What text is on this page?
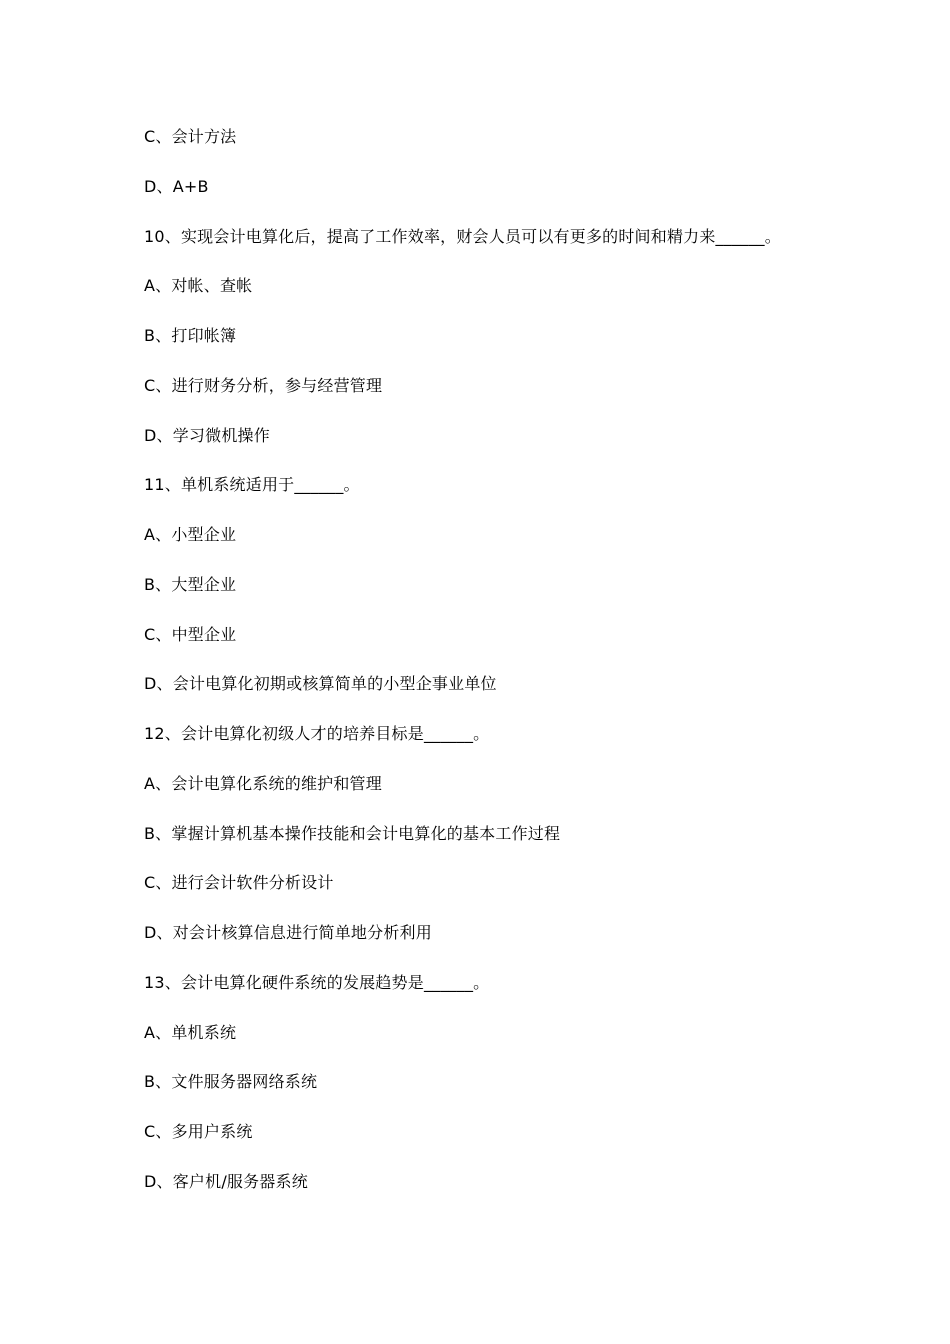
C、会计方法
D、A+B
10、实现会计电算化后，提高了工作效率，财会人员可以有更多的时间和精力来______。
A、对帐、查帐
B、打印帐簿
C、进行财务分析，参与经营管理
D、学习微机操作
11、单机系统适用于______。
A、小型企业
B、大型企业
C、中型企业
D、会计电算化初期或核算简单的小型企事业单位
12、会计电算化初级人才的培养目标是______。
A、会计电算化系统的维护和管理
B、掌握计算机基本操作技能和会计电算化的基本工作过程
C、进行会计软件分析设计
D、对会计核算信息进行简单地分析利用
13、会计电算化硬件系统的发展趋势是______。
A、单机系统
B、文件服务器网络系统
C、多用户系统
D、客户机/服务器系统
